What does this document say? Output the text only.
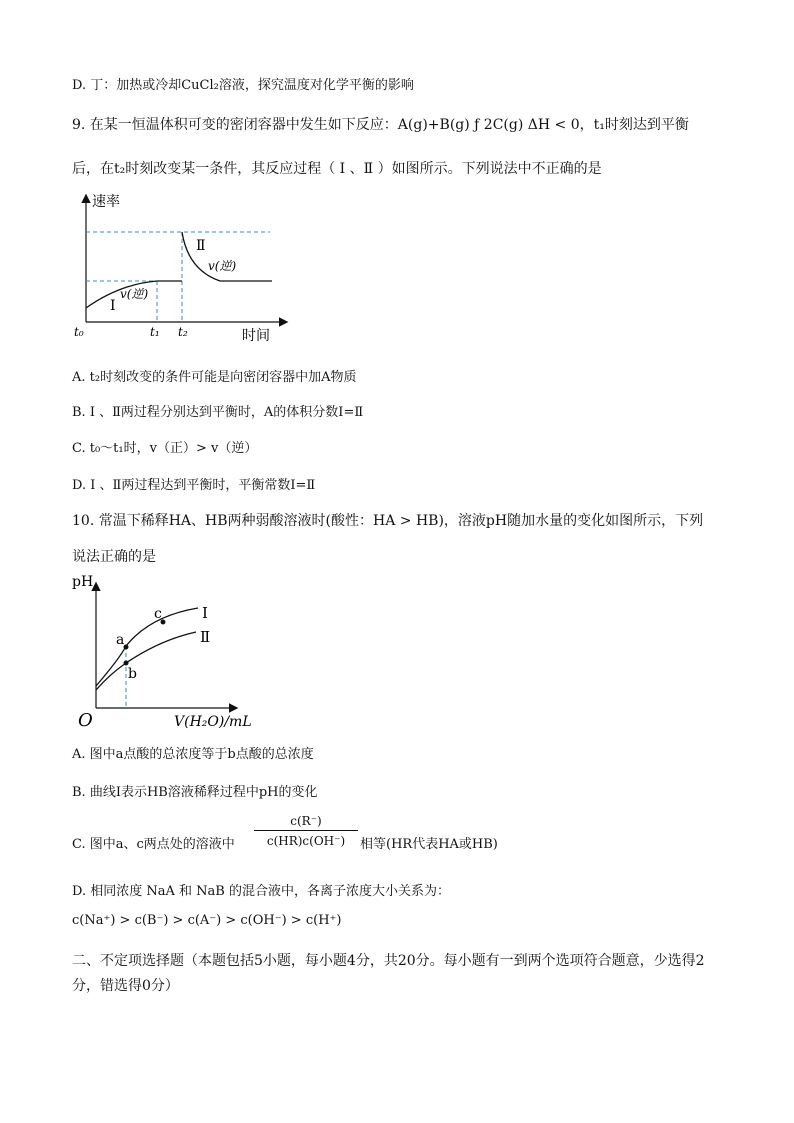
D. 丁：加热或冷却CuCl₂溶液，探究温度对化学平衡的影响
9. 在某一恒温体积可变的密闭容器中发生如下反应：A(g)+B(g) ƒ 2C(g) ΔH < 0，t₁时刻达到平衡
后，在t₂时刻改变某一条件，其反应过程（ Ⅰ 、Ⅱ ）如图所示。下列说法中不正确的是
速率
时间
t₀	t₁ t₂
Ⅰ
v(逆)
Ⅱ
v(逆)
A. t₂时刻改变的条件可能是向密闭容器中加A物质
B. Ⅰ 、Ⅱ两过程分别达到平衡时，A的体积分数Ⅰ=Ⅱ
C. t₀～t₁时，v（正）> v（逆）
D. Ⅰ 、Ⅱ两过程达到平衡时，平衡常数Ⅰ=Ⅱ
10. 常温下稀释HA、HB两种弱酸溶液时(酸性：HA > HB)，溶液pH随加水量的变化如图所示，下列
说法正确的是
pH
O	V(H₂O)/mL
a
b
c	Ⅰ
Ⅱ
A. 图中a点酸的总浓度等于b点酸的总浓度
B. 曲线Ⅰ表示HB溶液稀释过程中pH的变化
C. 图中a、c两点处的溶液中 $\frac{c(R^-)}{c(HR)c(OH^-)}$ 相等(HR代表HA或HB)
D. 相同浓度 NaA 和 NaB 的混合液中，各离子浓度大小关系为：
c(Na⁺) > c(B⁻) > c(A⁻) > c(OH⁻) > c(H⁺)
二、不定项选择题（本题包括5小题，每小题4分，共20分。每小题有一到两个选项符合题意，少选得2
分，错选得0分）
